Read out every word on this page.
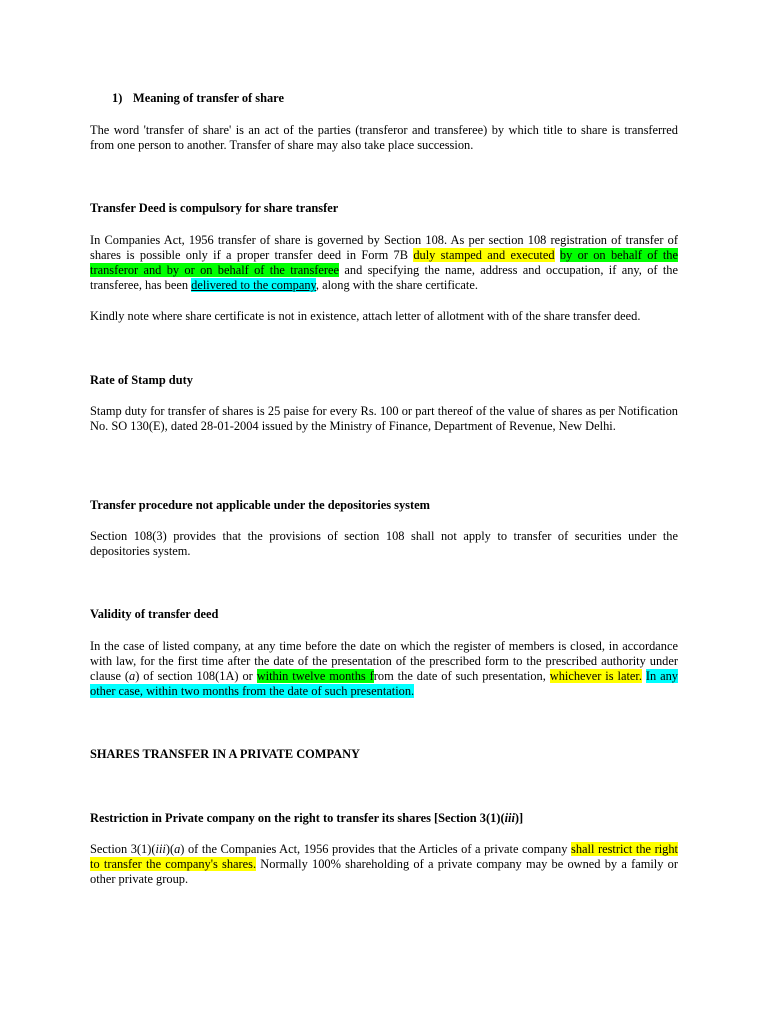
1) Meaning of transfer of share

The word 'transfer of share' is an act of the parties (transferor and transferee) by which title to share is transferred from one person to another. Transfer of share may also take place succession.

Transfer Deed is compulsory for share transfer

In Companies Act, 1956 transfer of share is governed by Section 108. As per section 108 registration of transfer of shares is possible only if a proper transfer deed in Form 7B duly stamped and executed by or on behalf of the transferor and by or on behalf of the transferee and specifying the name, address and occupation, if any, of the transferee, has been delivered to the company, along with the share certificate.

Kindly note where share certificate is not in existence, attach letter of allotment with of the share transfer deed.

Rate of Stamp duty

Stamp duty for transfer of shares is 25 paise for every Rs. 100 or part thereof of the value of shares as per Notification No. SO 130(E), dated 28-01-2004 issued by the Ministry of Finance, Department of Revenue, New Delhi.

Transfer procedure not applicable under the depositories system

Section 108(3) provides that the provisions of section 108 shall not apply to transfer of securities under the depositories system.

Validity of transfer deed

In the case of listed company, at any time before the date on which the register of members is closed, in accordance with law, for the first time after the date of the presentation of the prescribed form to the prescribed authority under clause (a) of section 108(1A) or within twelve months from the date of such presentation, whichever is later. In any other case, within two months from the date of such presentation.

SHARES TRANSFER IN A PRIVATE COMPANY
Restriction in Private company on the right to transfer its shares [Section 3(1)(iii)]

Section 3(1)(iii)(a) of the Companies Act, 1956 provides that the Articles of a private company shall restrict the right to transfer the company's shares. Normally 100% shareholding of a private company may be owned by a family or other private group.
